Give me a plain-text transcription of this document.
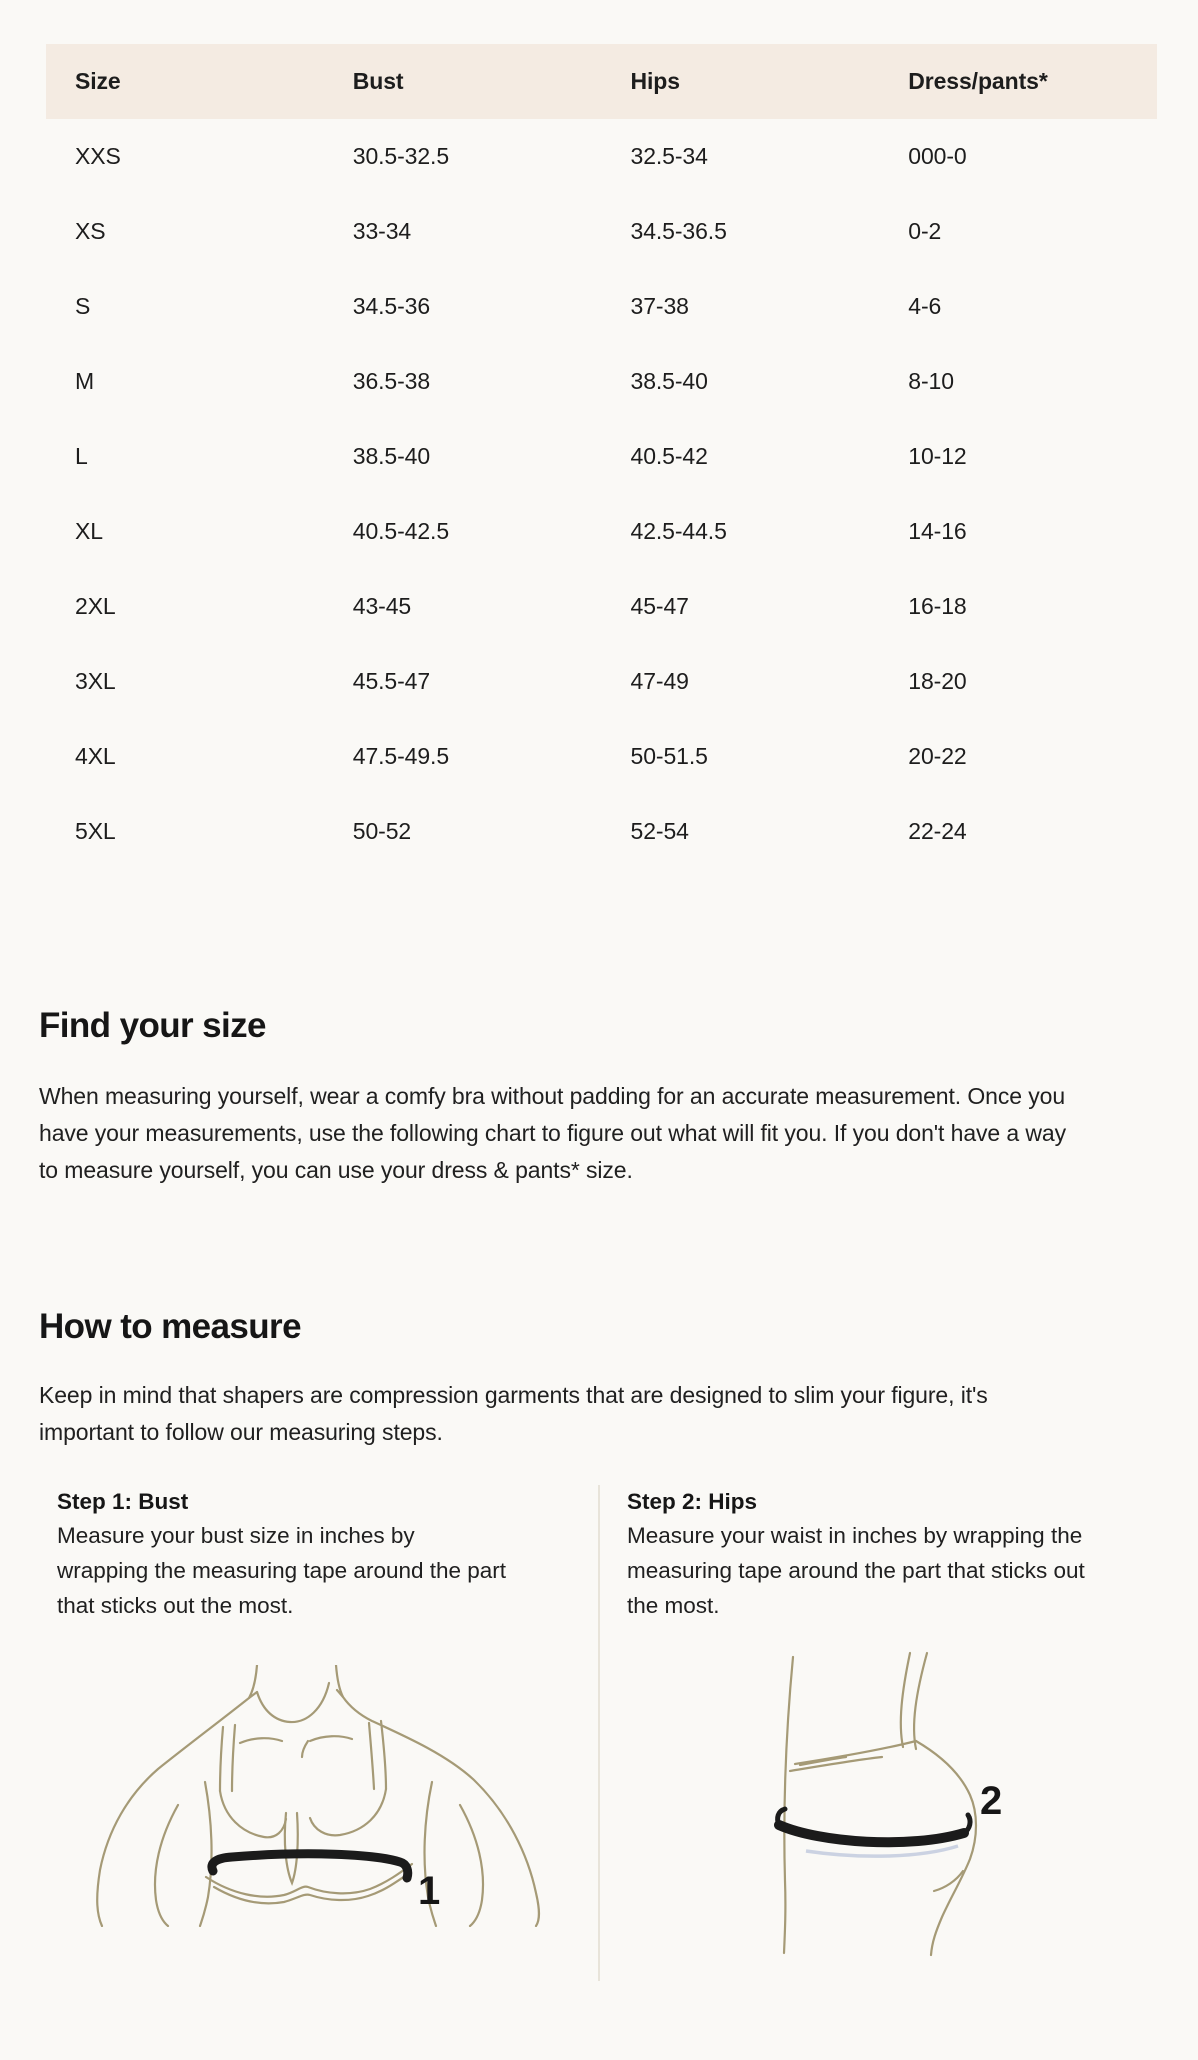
Size	Bust	Hips	Dress/pants*
XXS	30.5-32.5	32.5-34	000-0
XS	33-34	34.5-36.5	0-2
S	34.5-36	37-38	4-6
M	36.5-38	38.5-40	8-10
L	38.5-40	40.5-42	10-12
XL	40.5-42.5	42.5-44.5	14-16
2XL	43-45	45-47	16-18
3XL	45.5-47	47-49	18-20
4XL	47.5-49.5	50-51.5	20-22
5XL	50-52	52-54	22-24
Find your size

When measuring yourself, wear a comfy bra without padding for an accurate measurement. Once you have your measurements, use the following chart to figure out what will fit you. If you don't have a way to measure yourself, you can use your dress & pants* size.

How to measure

Keep in mind that shapers are compression garments that are designed to slim your figure, it's important to follow our measuring steps.

Step 1: Bust
Measure your bust size in inches by wrapping the measuring tape around the part that sticks out the most.
1
Step 2: Hips
Measure your waist in inches by wrapping the measuring tape around the part that sticks out the most.
2
